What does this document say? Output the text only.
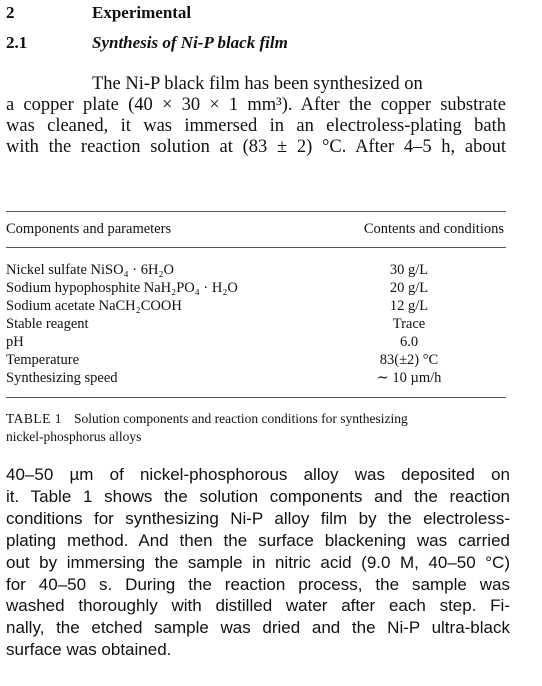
2	Experimental
2.1	Synthesis of Ni-P black film
The Ni-P black film has been synthesized on
a copper plate (40 × 30 × 1 mm³). After the copper substrate
was cleaned, it was immersed in an electroless-plating bath
with the reaction solution at (83 ± 2) °C. After 4–5 h, about
Components and parameters	Contents and conditions
Nickel sulfate NiSO₄ · 6H₂O	30 g/L
Sodium hypophosphite NaH₂PO₄ · H₂O	20 g/L
Sodium acetate NaCH₂COOH	12 g/L
Stable reagent	Trace
pH	6.0
Temperature	83(±2) °C
Synthesizing speed	∼ 10 µm/h
TABLE 1 Solution components and reaction conditions for synthesizing
nickel-phosphorus alloys
40–50 µm of nickel-phosphorous alloy was deposited on
it. Table 1 shows the solution components and the reaction
conditions for synthesizing Ni-P alloy film by the electroless-
plating method. And then the surface blackening was carried
out by immersing the sample in nitric acid (9.0 M, 40–50 °C)
for 40–50 s. During the reaction process, the sample was
washed thoroughly with distilled water after each step. Fi-
nally, the etched sample was dried and the Ni-P ultra-black
surface was obtained.
